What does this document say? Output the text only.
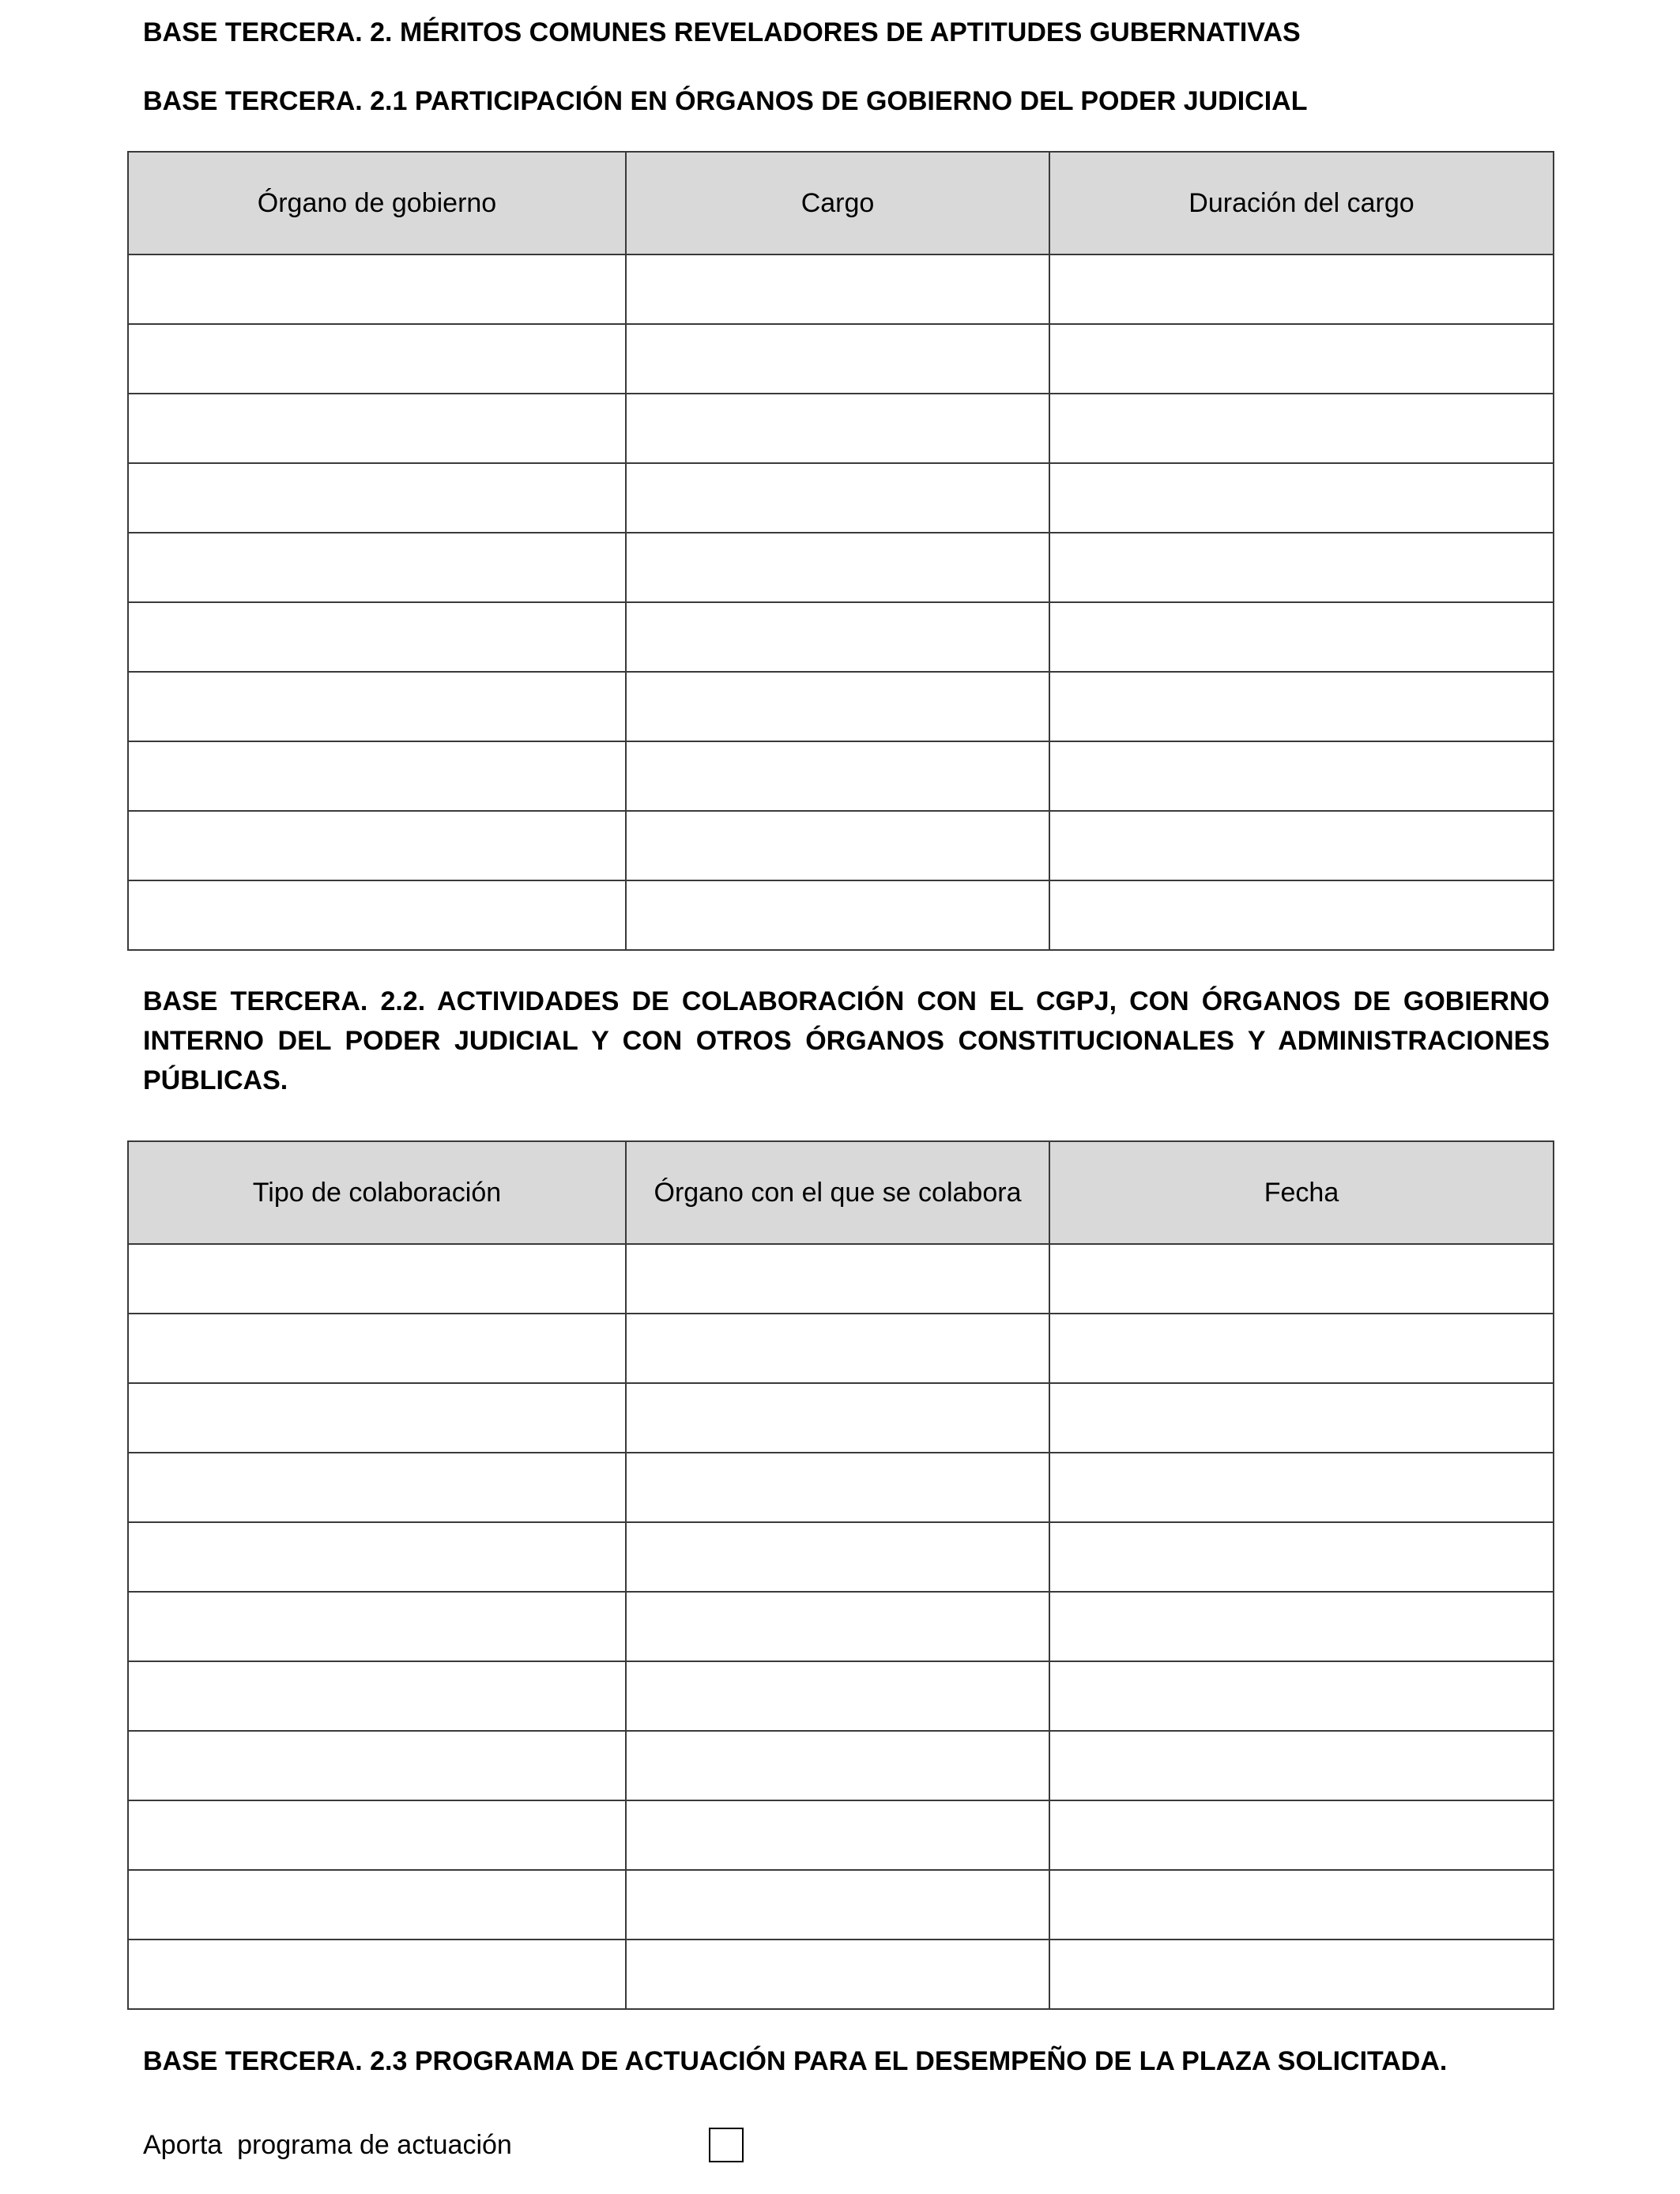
BASE TERCERA. 2. MÉRITOS COMUNES REVELADORES DE APTITUDES GUBERNATIVAS

BASE TERCERA. 2.1 PARTICIPACIÓN EN ÓRGANOS DE GOBIERNO DEL PODER JUDICIAL

Órgano de gobierno	Cargo	Duración del cargo

BASE TERCERA. 2.2. ACTIVIDADES DE COLABORACIÓN CON EL CGPJ, CON ÓRGANOS DE GOBIERNO INTERNO DEL PODER JUDICIAL Y CON OTROS ÓRGANOS CONSTITUCIONALES Y ADMINISTRACIONES PÚBLICAS.

Tipo de colaboración	Órgano con el que se colabora	Fecha

BASE TERCERA. 2.3 PROGRAMA DE ACTUACIÓN PARA EL DESEMPEÑO DE LA PLAZA SOLICITADA.

Aporta  programa de actuación
